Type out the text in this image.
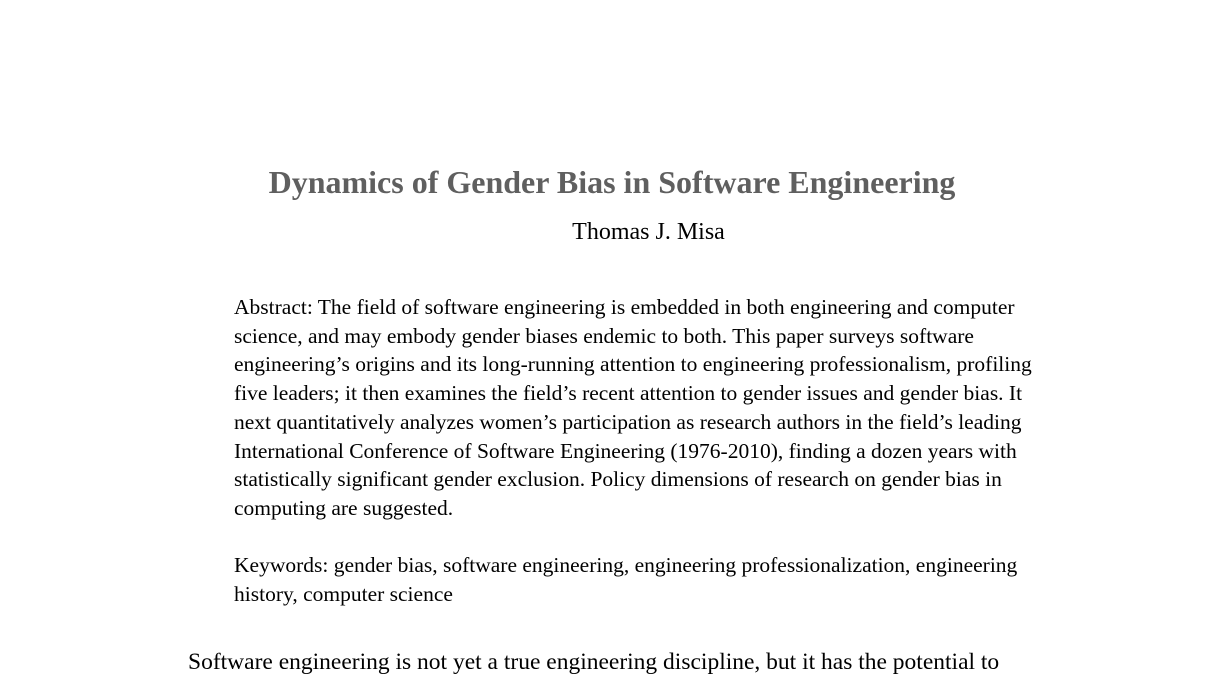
Dynamics of Gender Bias in Software Engineering
Thomas J. Misa

Abstract: The field of software engineering is embedded in both engineering and computer
science, and may embody gender biases endemic to both. This paper surveys software
engineering’s origins and its long-running attention to engineering professionalism, profiling
five leaders; it then examines the field’s recent attention to gender issues and gender bias. It
next quantitatively analyzes women’s participation as research authors in the field’s leading
International Conference of Software Engineering (1976-2010), finding a dozen years with
statistically significant gender exclusion. Policy dimensions of research on gender bias in
computing are suggested.

Keywords: gender bias, software engineering, engineering professionalization, engineering
history, computer science

Software engineering is not yet a true engineering discipline, but it has the potential to
